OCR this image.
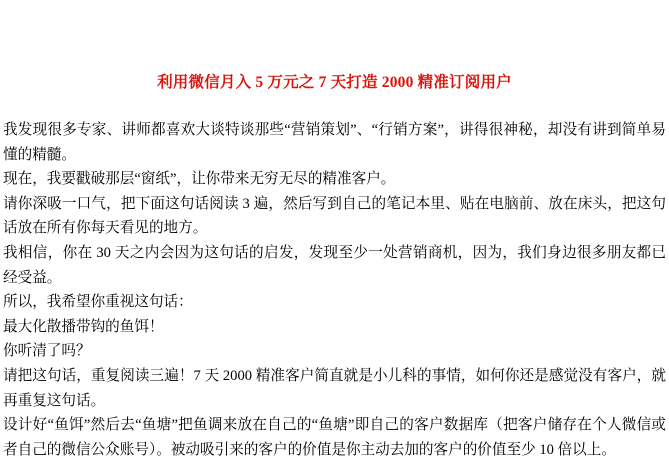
利用微信月入 5 万元之 7 天打造 2000 精准订阅用户

我发现很多专家、讲师都喜欢大谈特谈那些“营销策划”、“行销方案”，讲得很神秘，却没有讲到简单易懂的精髓。

现在，我要戳破那层“窗纸”，让你带来无穷无尽的精准客户。

请你深吸一口气，把下面这句话阅读 3 遍，然后写到自己的笔记本里、贴在电脑前、放在床头，把这句话放在所有你每天看见的地方。

我相信，你在 30 天之内会因为这句话的启发，发现至少一处营销商机，因为，我们身边很多朋友都已经受益。

所以，我希望你重视这句话：

最大化散播带钩的鱼饵！

你听清了吗？

请把这句话，重复阅读三遍！7 天 2000 精准客户简直就是小儿科的事情，如何你还是感觉没有客户，就再重复这句话。

设计好“鱼饵”然后去“鱼塘”把鱼调来放在自己的“鱼塘”即自己的客户数据库（把客户储存在个人微信或者自己的微信公众账号）。被动吸引来的客户的价值是你主动去加的客户的价值至少 10 倍以上。
